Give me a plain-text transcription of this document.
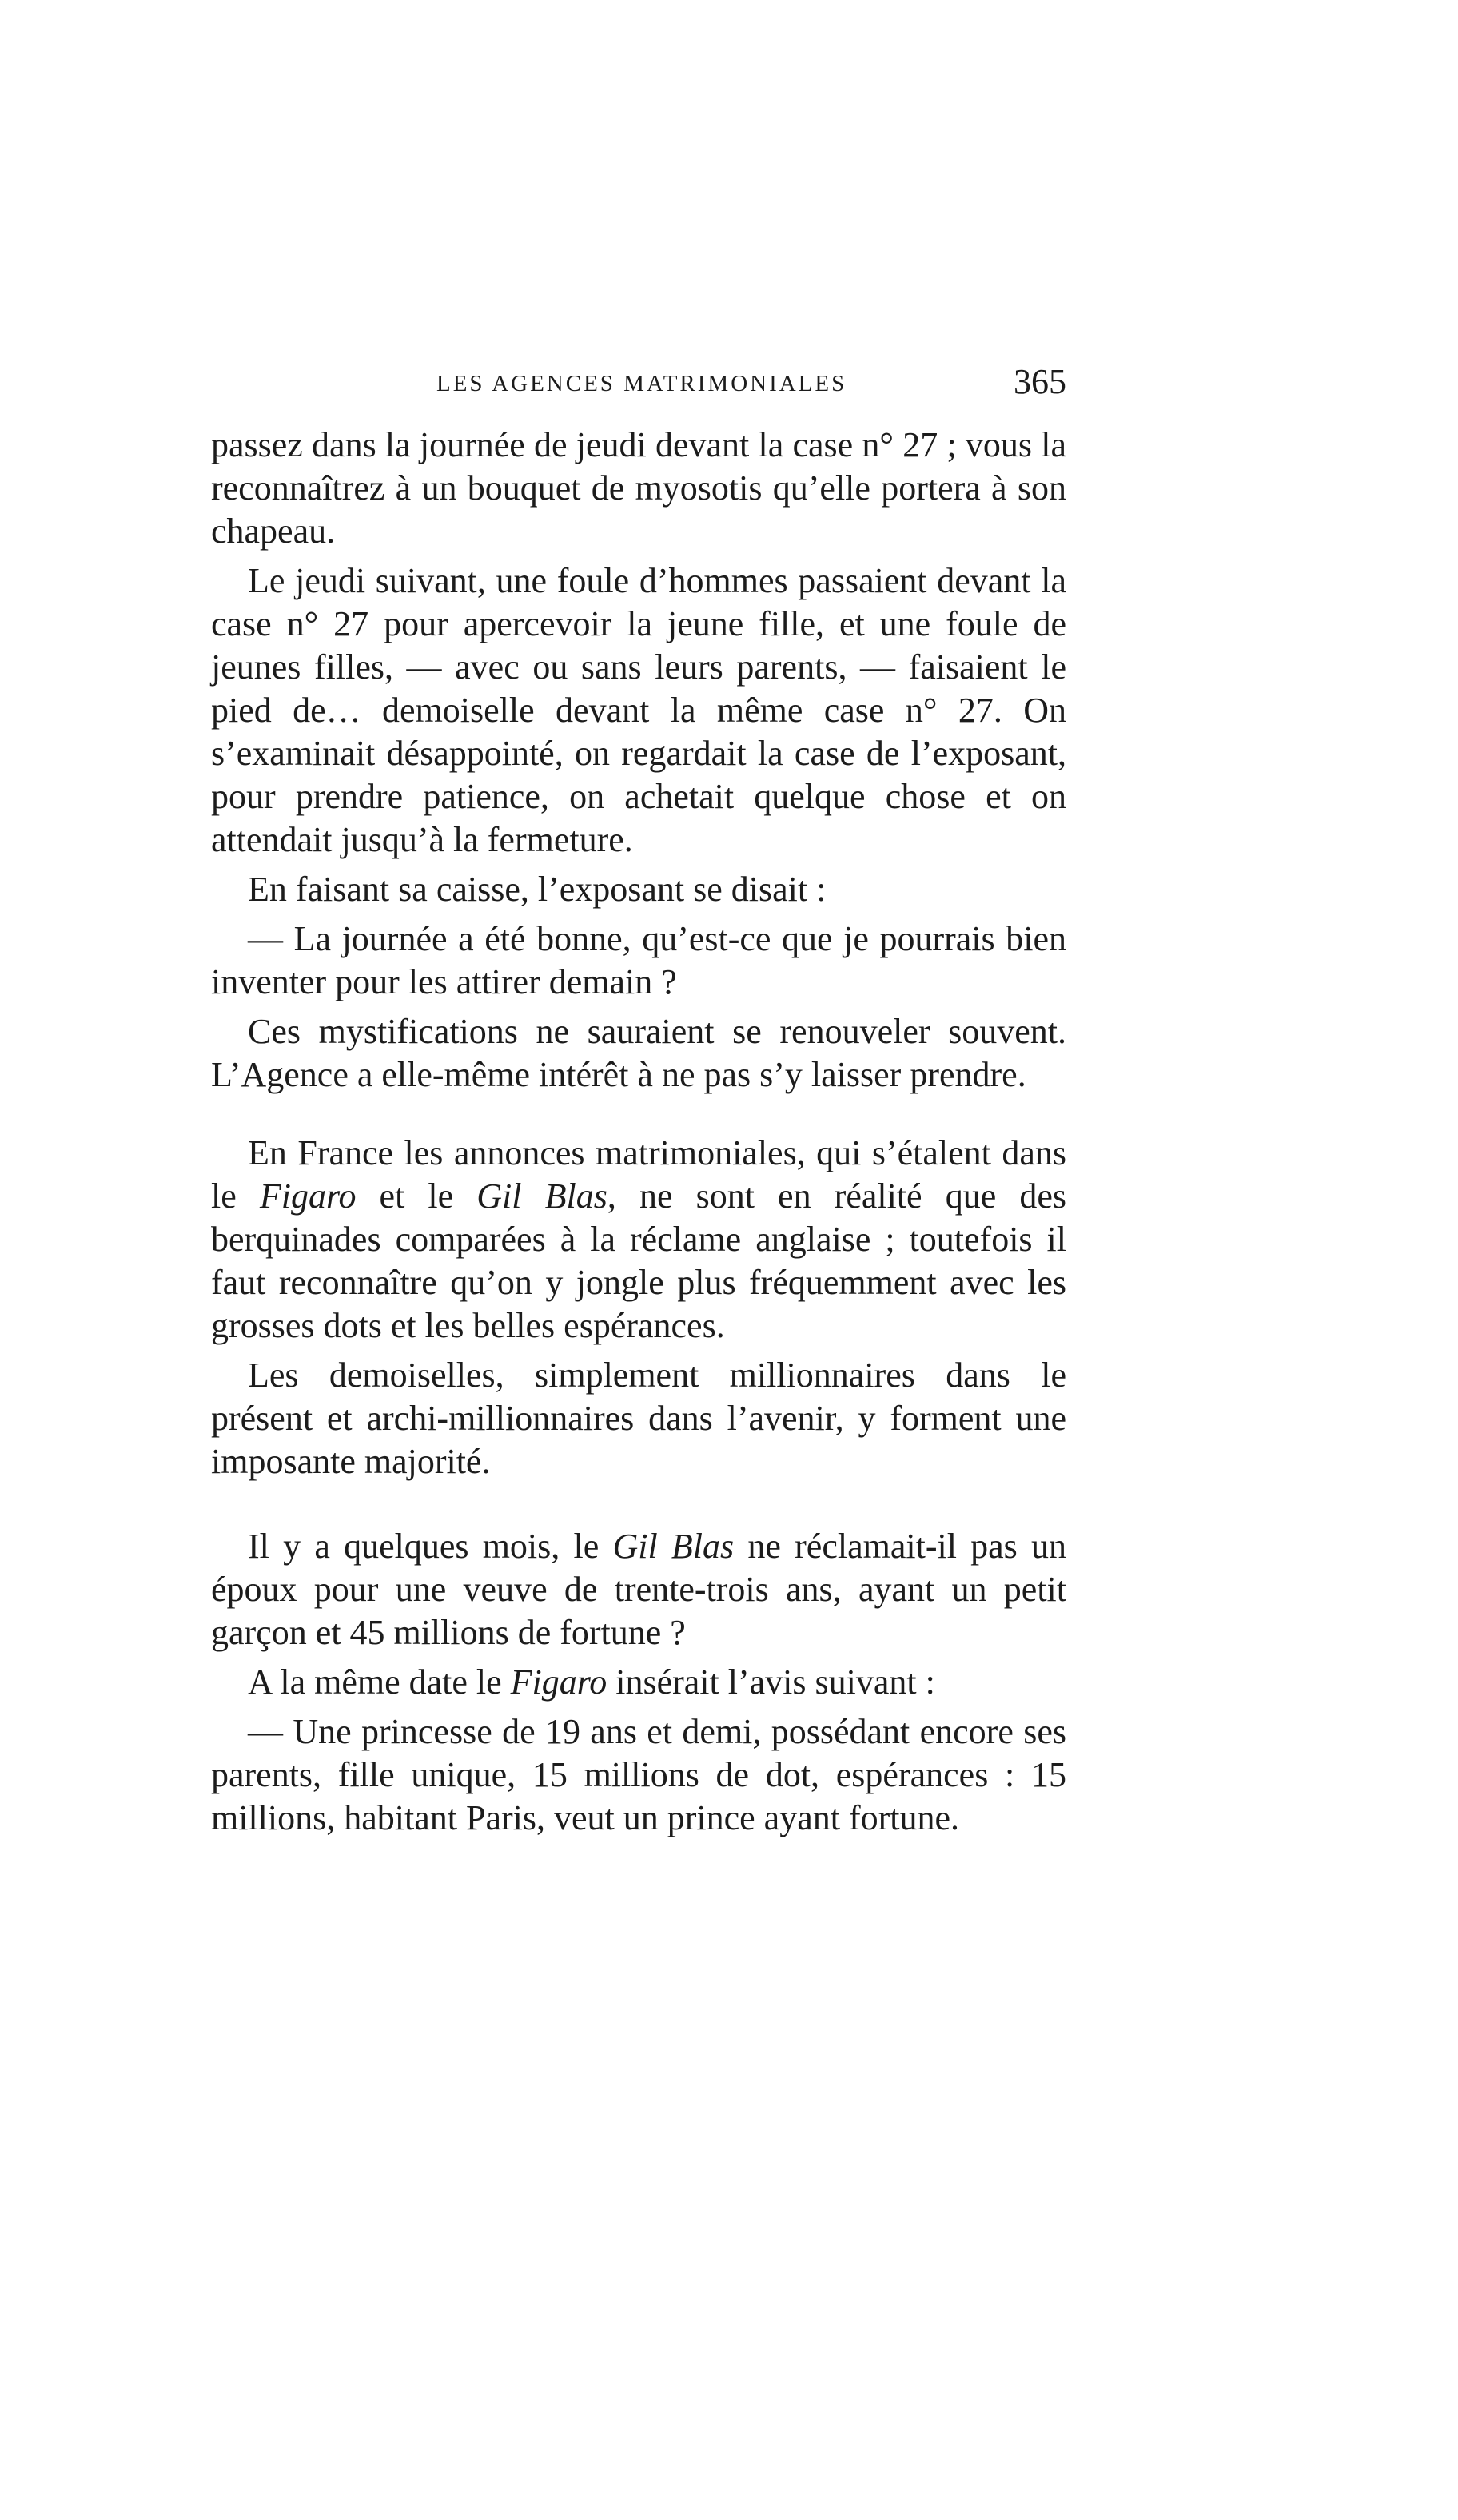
LES AGENCES MATRIMONIALES	365

passez dans la journée de jeudi devant la case n° 27 ; vous la reconnaîtrez à un bouquet de myosotis qu’elle portera à son chapeau.

Le jeudi suivant, une foule d’hommes passaient devant la case n° 27 pour apercevoir la jeune fille, et une foule de jeunes filles, — avec ou sans leurs parents, — faisaient le pied de… demoiselle devant la même case n° 27. On s’examinait désappointé, on regardait la case de l’exposant, pour prendre patience, on achetait quelque chose et on attendait jusqu’à la fermeture.

En faisant sa caisse, l’exposant se disait :

— La journée a été bonne, qu’est-ce que je pourrais bien inventer pour les attirer demain ?

Ces mystifications ne sauraient se renouveler souvent. L’Agence a elle-même intérêt à ne pas s’y laisser prendre.

En France les annonces matrimoniales, qui s’étalent dans le Figaro et le Gil Blas, ne sont en réalité que des berquinades comparées à la réclame anglaise ; toutefois il faut reconnaître qu’on y jongle plus fréquemment avec les grosses dots et les belles espérances.

Les demoiselles, simplement millionnaires dans le présent et archi-millionnaires dans l’avenir, y forment une imposante majorité.

Il y a quelques mois, le Gil Blas ne réclamait-il pas un époux pour une veuve de trente-trois ans, ayant un petit garçon et 45 millions de fortune ?

A la même date le Figaro insérait l’avis suivant :

— Une princesse de 19 ans et demi, possédant encore ses parents, fille unique, 15 millions de dot, espérances : 15 millions, habitant Paris, veut un prince ayant fortune.
